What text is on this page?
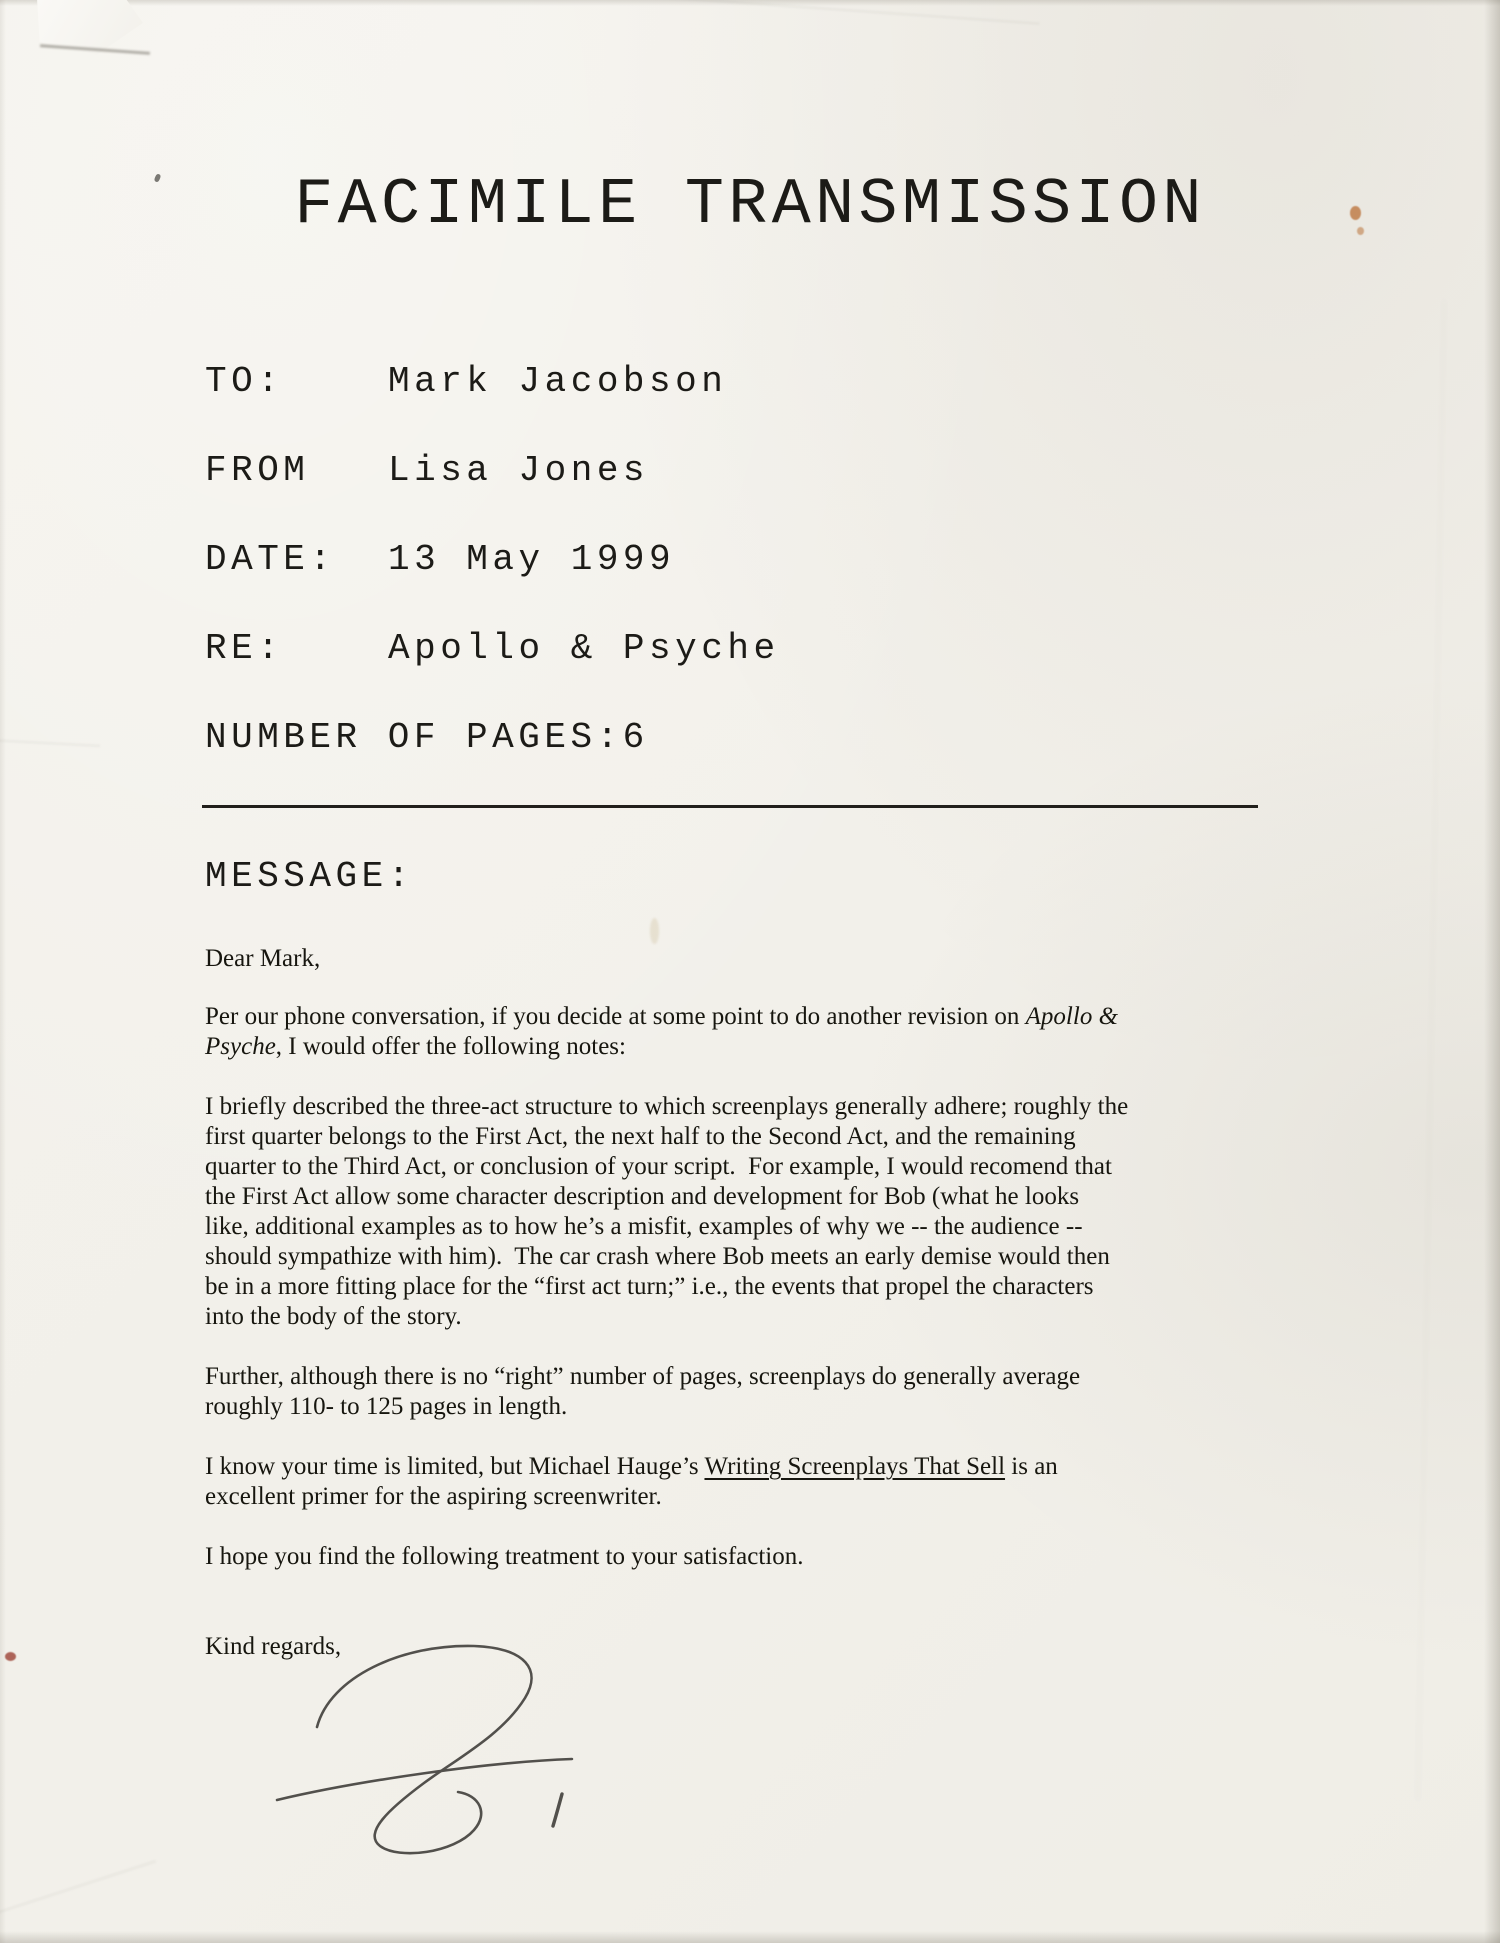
FACIMILE TRANSMISSION
TO:	Mark Jacobson
FROM	Lisa Jones
DATE:	13 May 1999
RE:	Apollo & Psyche
NUMBER OF PAGES: 6
MESSAGE:
Dear Mark,
Per our phone conversation, if you decide at some point to do another revision on Apollo &
Psyche, I would offer the following notes:
I briefly described the three-act structure to which screenplays generally adhere; roughly the
first quarter belongs to the First Act, the next half to the Second Act, and the remaining
quarter to the Third Act, or conclusion of your script.  For example, I would recomend that
the First Act allow some character description and development for Bob (what he looks
like, additional examples as to how he’s a misfit, examples of why we -- the audience --
should sympathize with him).  The car crash where Bob meets an early demise would then
be in a more fitting place for the “first act turn;” i.e., the events that propel the characters
into the body of the story.
Further, although there is no “right” number of pages, screenplays do generally average
roughly 110- to 125 pages in length.
I know your time is limited, but Michael Hauge’s Writing Screenplays That Sell is an
excellent primer for the aspiring screenwriter.
I hope you find the following treatment to your satisfaction.
Kind regards,
